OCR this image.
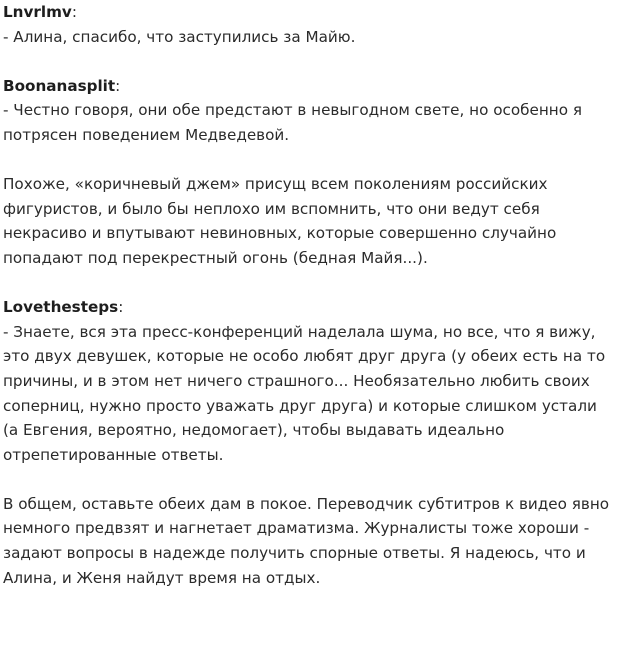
Lnvrlmv:

- Алина, спасибо, что заступились за Майю.

Boonanasplit:

- Честно говоря, они обе предстают в невыгодном свете, но особенно я потрясен поведением Медведевой.

Похоже, «коричневый джем» присущ всем поколениям российских фигуристов, и было бы неплохо им вспомнить, что они ведут себя некрасиво и впутывают невиновных, которые совершенно случайно попадают под перекрестный огонь (бедная Майя...).

Lovethesteps:

- Знаете, вся эта пресс-конференций наделала шума, но все, что я вижу, это двух девушек, которые не особо любят друг друга (у обеих есть на то причины, и в этом нет ничего страшного... Необязательно любить своих соперниц, нужно просто уважать друг друга) и которые слишком устали (а Евгения, вероятно, недомогает), чтобы выдавать идеально отрепетированные ответы.

В общем, оставьте обеих дам в покое. Переводчик субтитров к видео явно немного предвзят и нагнетает драматизма. Журналисты тоже хороши - задают вопросы в надежде получить спорные ответы. Я надеюсь, что и Алина, и Женя найдут время на отдых.
